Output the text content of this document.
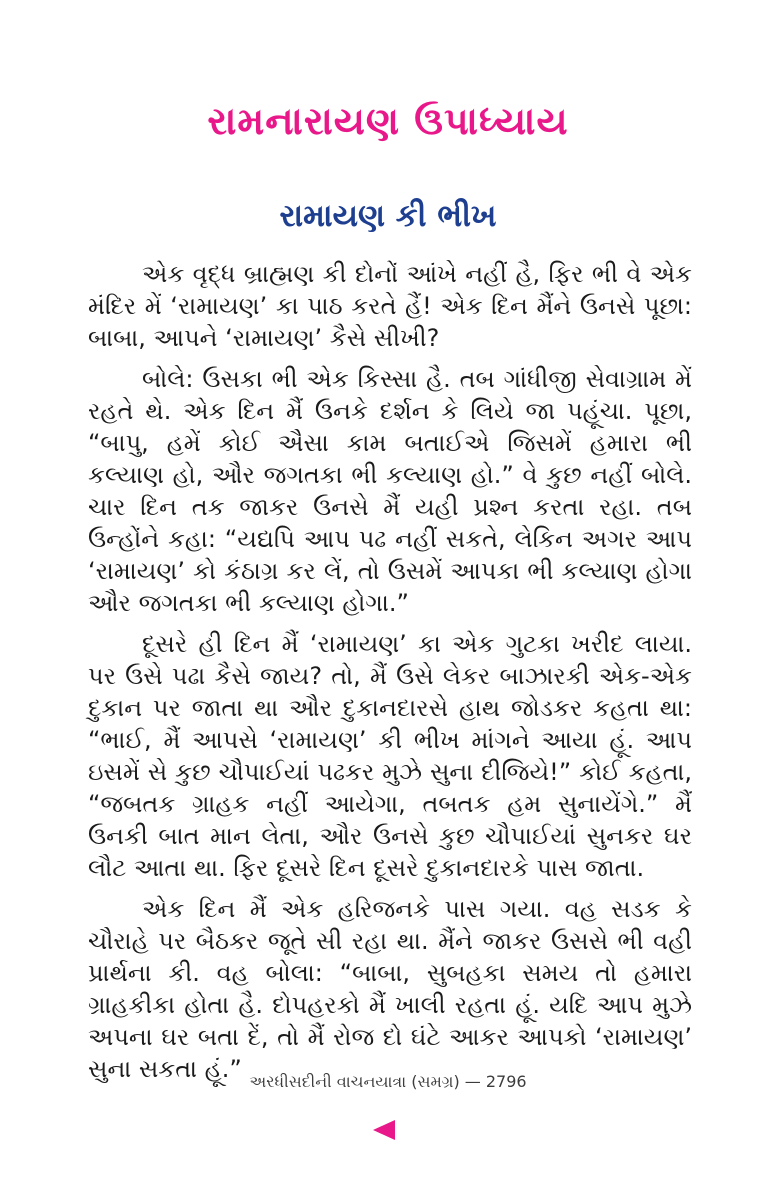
રામનારાયણ ઉપાધ્યાય
રામાયણ કી ભીખ

એક વૃદ્ધ બ્રાહ્મણ કી દોનોં આંખે નહીં હૈ, ફિર ભી વે એક મંદિર મેં ‘રામાયણ’ કા પાઠ કરતે હૈં! એક દિન મૈંને ઉનસે પૂછા: બાબા, આપને ‘રામાયણ’ કૈસે સીખી?

બોલે: ઉસકા ભી એક કિસ્સા હૈ. તબ ગાંધીજી સેવાગ્રામ મેં રહતે થે. એક દિન મૈં ઉનકે દર્શન કે લિયે જા પહૂંચા. પૂછા, “બાપુ, હમેં કોઈ ઐસા કામ બતાઈએ જિસમેં હમારા ભી કલ્યાણ હો, ઔર જગતકા ભી કલ્યાણ હો.” વે કુછ નહીં બોલે. ચાર દિન તક જાકર ઉનસે મૈં યહી પ્રશ્ન કરતા રહા. તબ ઉન્હોંને કહા: “યદ્યપિ આપ પઢ નહીં સકતે, લેકિન અગર આપ ‘રામાયણ’ કો કંઠાગ્ર કર લેં, તો ઉસમેં આપકા ભી કલ્યાણ હોગા ઔર જગતકા ભી કલ્યાણ હોગા.”

દૂસરે હી દિન મૈં ‘રામાયણ’ કા એક ગુટકા ખરીદ લાયા. પર ઉસે પઢા કૈસે જાય? તો, મૈં ઉસે લેકર બાઝારકી એક-એક દુકાન પર જાતા થા ઔર દુકાનદારસે હાથ જોડકર કહતા થા: “ભાઈ, મૈં આપસે ‘રામાયણ’ કી ભીખ માંગને આયા હૂં. આપ ઇસમેં સે કુછ ચૌપાઈયાં પઢકર મુઝે સુના દીજિયે!” કોઈ કહતા, “જબતક ગ્રાહક નહીં આયેગા, તબતક હમ સુનાયેંગે.” મૈં ઉનકી બાત માન લેતા, ઔર ઉનસે કુછ ચૌપાઈયાં સુનકર ઘર લૌટ આતા થા. ફિર દૂસરે દિન દૂસરે દુકાનદારકે પાસ જાતા.

એક દિન મૈં એક હરિજનકે પાસ ગયા. વહ સડક કે ચૌરાહે પર બૈઠકર જૂતે સી રહા થા. મૈંને જાકર ઉસસે ભી વહી પ્રાર્થના કી. વહ બોલા: “બાબા, સુબહકા સમય તો હમારા ગ્રાહકીકા હોતા હૈ. દોપહરકો મૈં ખાલી રહતા હૂં. યદિ આપ મુઝે અપના ઘર બતા દેં, તો મૈં રોજ દો ઘંટે આકર આપકો ‘રામાયણ’ સુના સકતા હૂં.” અરધીસદીની વાચનયાત્રા (સમગ્ર) — 2796
